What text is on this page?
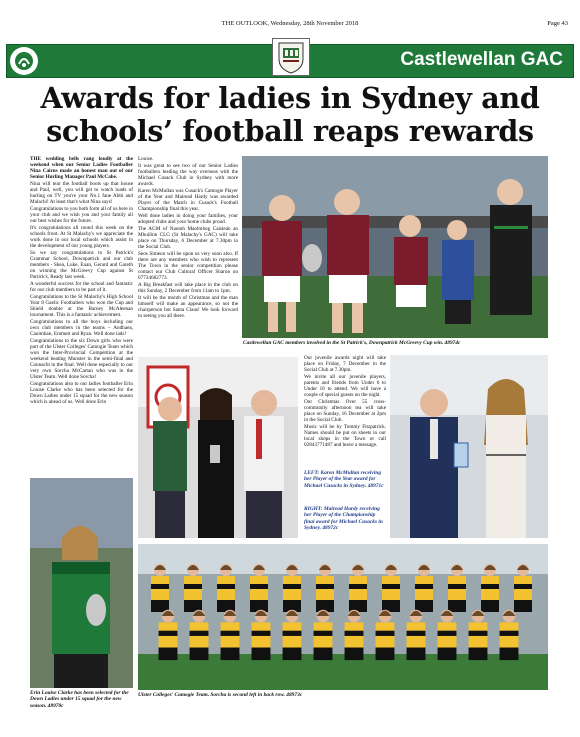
THE OUTLOOK, Wednesday, 28th November 2018	Page 43
Castlewellan GAC
Awards for ladies in Sydney and
schools’ football reaps rewards

THE wedding bells rang loudly at the weekend when our Senior Ladies Footballer Nina Cairns made an honest man out of our Senior Hurling Manager Paul McCabe.

Nina will tear the football boots up that house and Paul, well, you will get to watch loads of hurling on TV you're your No.1 fane Abbi and Malachi! At least that's what Nina says!

Congratulations to you both form all of us here in your club and we wish you and your family all our best wishes for the future.

It's congratulations all round this week on the schools front. At St Malachy's we appreciate the work done in our local schools which assist in the development of our young players.

So we say congratulations to St Patrick's Grammar School, Downpatrick and our club members - Shea, Luke, Euan, Gerard and Gareth on winning the McGreevy Cup against St Patrick's, Ready last week.

A wonderful success for the school and fantastic for our club members to be part of it.

Congratulations to the St Malachy's High School Year 8 Gaelic Footballers who won the Cup and Shield double at the Barney McAleenan tournament. This is a fantastic achievement.

Congratulations to all the boys including our own club members in the teams – Andhaea, Caoimhan, Emmett and Ryan. Well done lads!

Congratulations to the six Down girls who were part of the Ulster Colleges' Camogie Team which won the Inter-Provincial Competition at the weekend beating Munster in the semi-final and Connacht in the final. Well done especially to our very own Sorcha McCartan who was in the Ulster Team. Well done Sorcha!

Congratulations also to our ladies footballer Erin Louise Clarke who has been selected for the Down Ladies under 15 squad for the new season which is ahead of us. Well done Erin

Louise.

It was great to see two of our Senior Ladies footballers leading the way overseas with the Michael Cusack Club in Sydney with more awards.

Karen McMullan was Cusack's Camogie Player of the Year and Mairead Hardy was awarded Player of the Match in Cusack's Football Championship final this year.

Well done ladies in doing your families, your adopted clubs and your home clubs proud.

The AGM of Naomh Maolmhog Caisleán an Mhuilinn CLG (St Malachy's GAC) will take place on Thursday, 6 December at 7.30pm in the Social Club.

Seos Simeon will be upon us very soon also. If there are any members who wish to represent The Town in the senior competition please contact our Club Cultural Officer Sharon on 07734682773.

A Big Breakfast will take place in the club on this Sunday, 2 December from 11am to 1pm.

It will be the month of Christmas and the man himself will make an appearance, so not the chairperson but Santa Claus! We look forward to seeing you all there.

Castlewellan GAC members involved in the St Patrick's, Downpatrick McGreevy Cup win. 48974c

Our juvenile awards night will take place on Friday, 7 December in the Social Club at 7.30pm.

We invite all our juvenile players, parents and friends from Under 6 to Under 16 to attend. We will have a couple of special guests on the night.

Our Christmas Over 55 cross-community afternoon tea will take place on Sunday, 16 December at 2pm in the Social Club.

Music will be by Tommy Fitzpatrick. Names should be put on sheets in our local shops in the Town or call 02843771487 and leave a message.

LEFT: Karen McMullan receiving her Player of the Year award for Michael Cusacks in Sydney. 48971c
RIGHT: Mairead Hardy receiving her Player of the Championship final award for Michael Cusacks in Sydney. 48972c
Erin Louise Clarke has been selected for the Down Ladies under 15 squad for the new season. 48970c
Ulster Colleges' Camogie Team. Sorcha is second left in back row. 48973c
